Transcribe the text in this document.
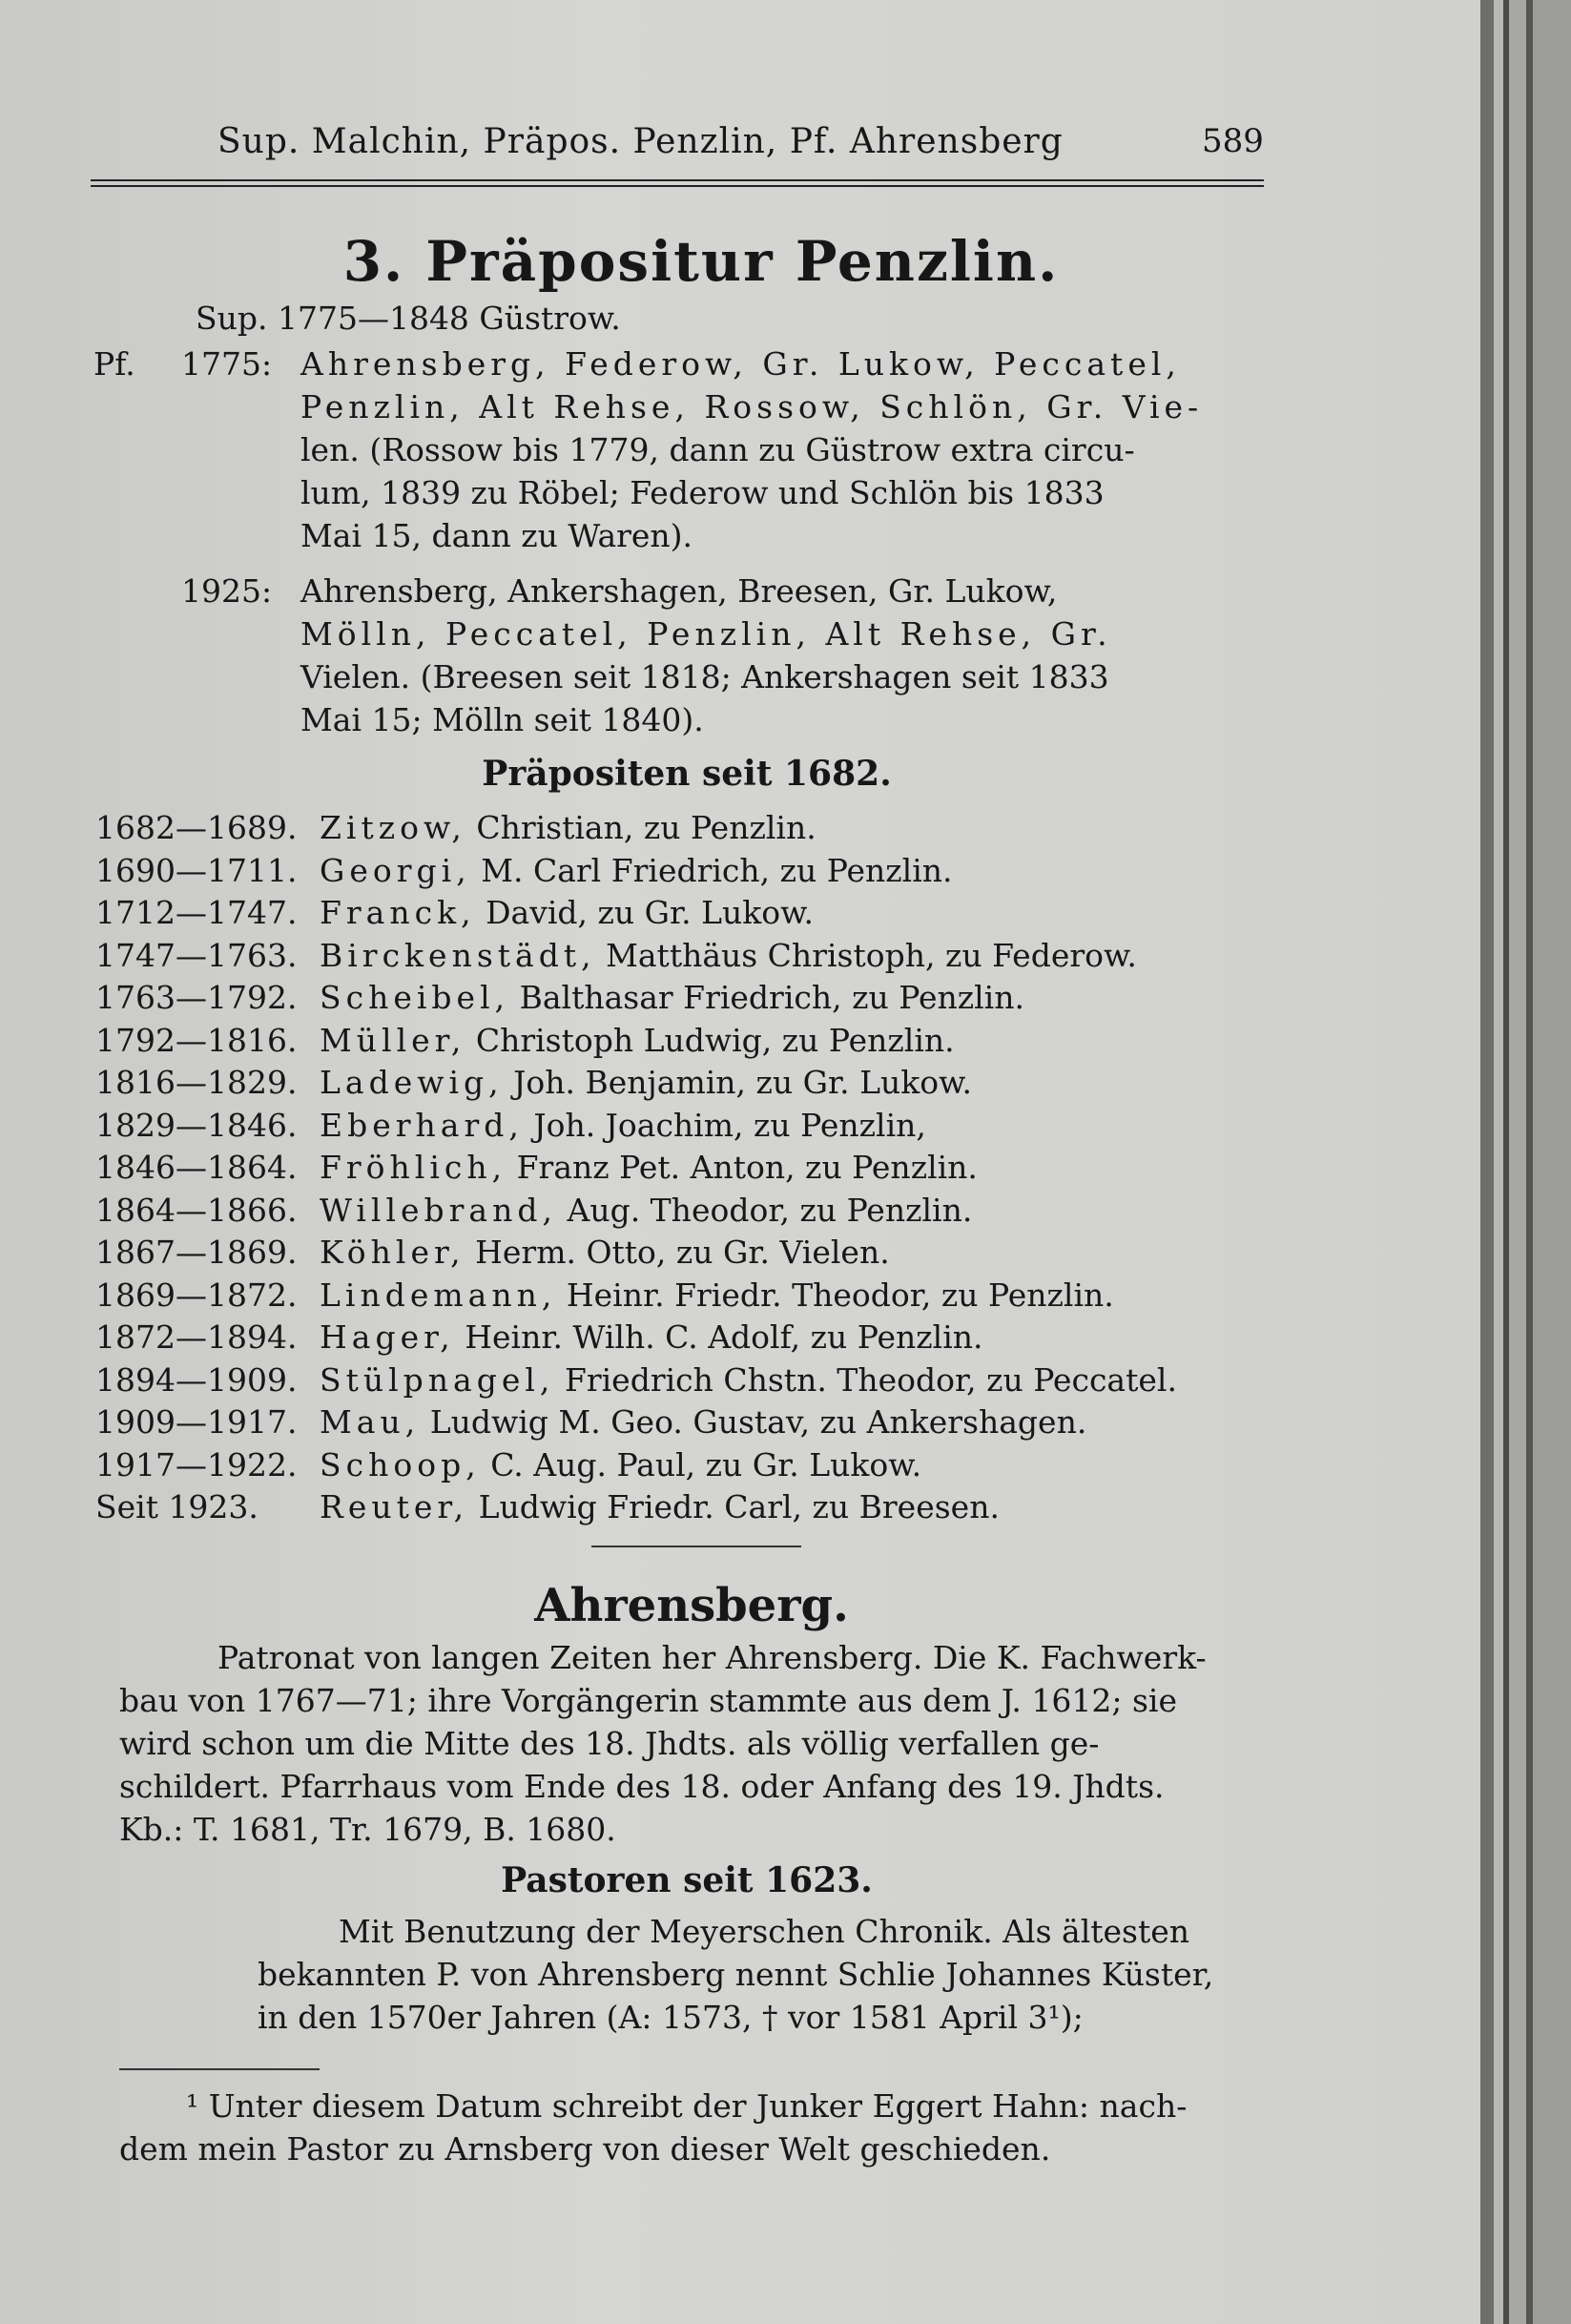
Sup. Malchin, Präpos. Penzlin, Pf. Ahrensberg	589
3. Präpositur Penzlin.
Sup. 1775—1848 Güstrow.
Pf. 1775: Ahrensberg, Federow, Gr. Lukow, Peccatel,
Penzlin, Alt Rehse, Rossow, Schlön, Gr. Vie-
len. (Rossow bis 1779, dann zu Güstrow extra circu-
lum, 1839 zu Röbel; Federow und Schlön bis 1833
Mai 15, dann zu Waren).
1925: Ahrensberg, Ankershagen, Breesen, Gr. Lukow,
Mölln, Peccatel, Penzlin, Alt Rehse, Gr.
Vielen. (Breesen seit 1818; Ankershagen seit 1833
Mai 15; Mölln seit 1840).
Präpositen seit 1682.
1682—1689. Zitzow, Christian, zu Penzlin.
1690—1711. Georgi, M. Carl Friedrich, zu Penzlin.
1712—1747. Franck, David, zu Gr. Lukow.
1747—1763. Birckenstädt, Matthäus Christoph, zu Federow.
1763—1792. Scheibel, Balthasar Friedrich, zu Penzlin.
1792—1816. Müller, Christoph Ludwig, zu Penzlin.
1816—1829. Ladewig, Joh. Benjamin, zu Gr. Lukow.
1829—1846. Eberhard, Joh. Joachim, zu Penzlin,
1846—1864. Fröhlich, Franz Pet. Anton, zu Penzlin.
1864—1866. Willebrand, Aug. Theodor, zu Penzlin.
1867—1869. Köhler, Herm. Otto, zu Gr. Vielen.
1869—1872. Lindemann, Heinr. Friedr. Theodor, zu Penzlin.
1872—1894. Hager, Heinr. Wilh. C. Adolf, zu Penzlin.
1894—1909. Stülpnagel, Friedrich Chstn. Theodor, zu Peccatel.
1909—1917. Mau, Ludwig M. Geo. Gustav, zu Ankershagen.
1917—1922. Schoop, C. Aug. Paul, zu Gr. Lukow.
Seit 1923. Reuter, Ludwig Friedr. Carl, zu Breesen.
Ahrensberg.
Patronat von langen Zeiten her Ahrensberg. Die K. Fachwerk-
bau von 1767—71; ihre Vorgängerin stammte aus dem J. 1612; sie
wird schon um die Mitte des 18. Jhdts. als völlig verfallen ge-
schildert. Pfarrhaus vom Ende des 18. oder Anfang des 19. Jhdts.
Kb.: T. 1681, Tr. 1679, B. 1680.
Pastoren seit 1623.
Mit Benutzung der Meyerschen Chronik. Als ältesten
bekannten P. von Ahrensberg nennt Schlie Johannes Küster,
in den 1570er Jahren (A: 1573, † vor 1581 April 3¹);
¹ Unter diesem Datum schreibt der Junker Eggert Hahn: nach-
dem mein Pastor zu Arnsberg von dieser Welt geschieden.
